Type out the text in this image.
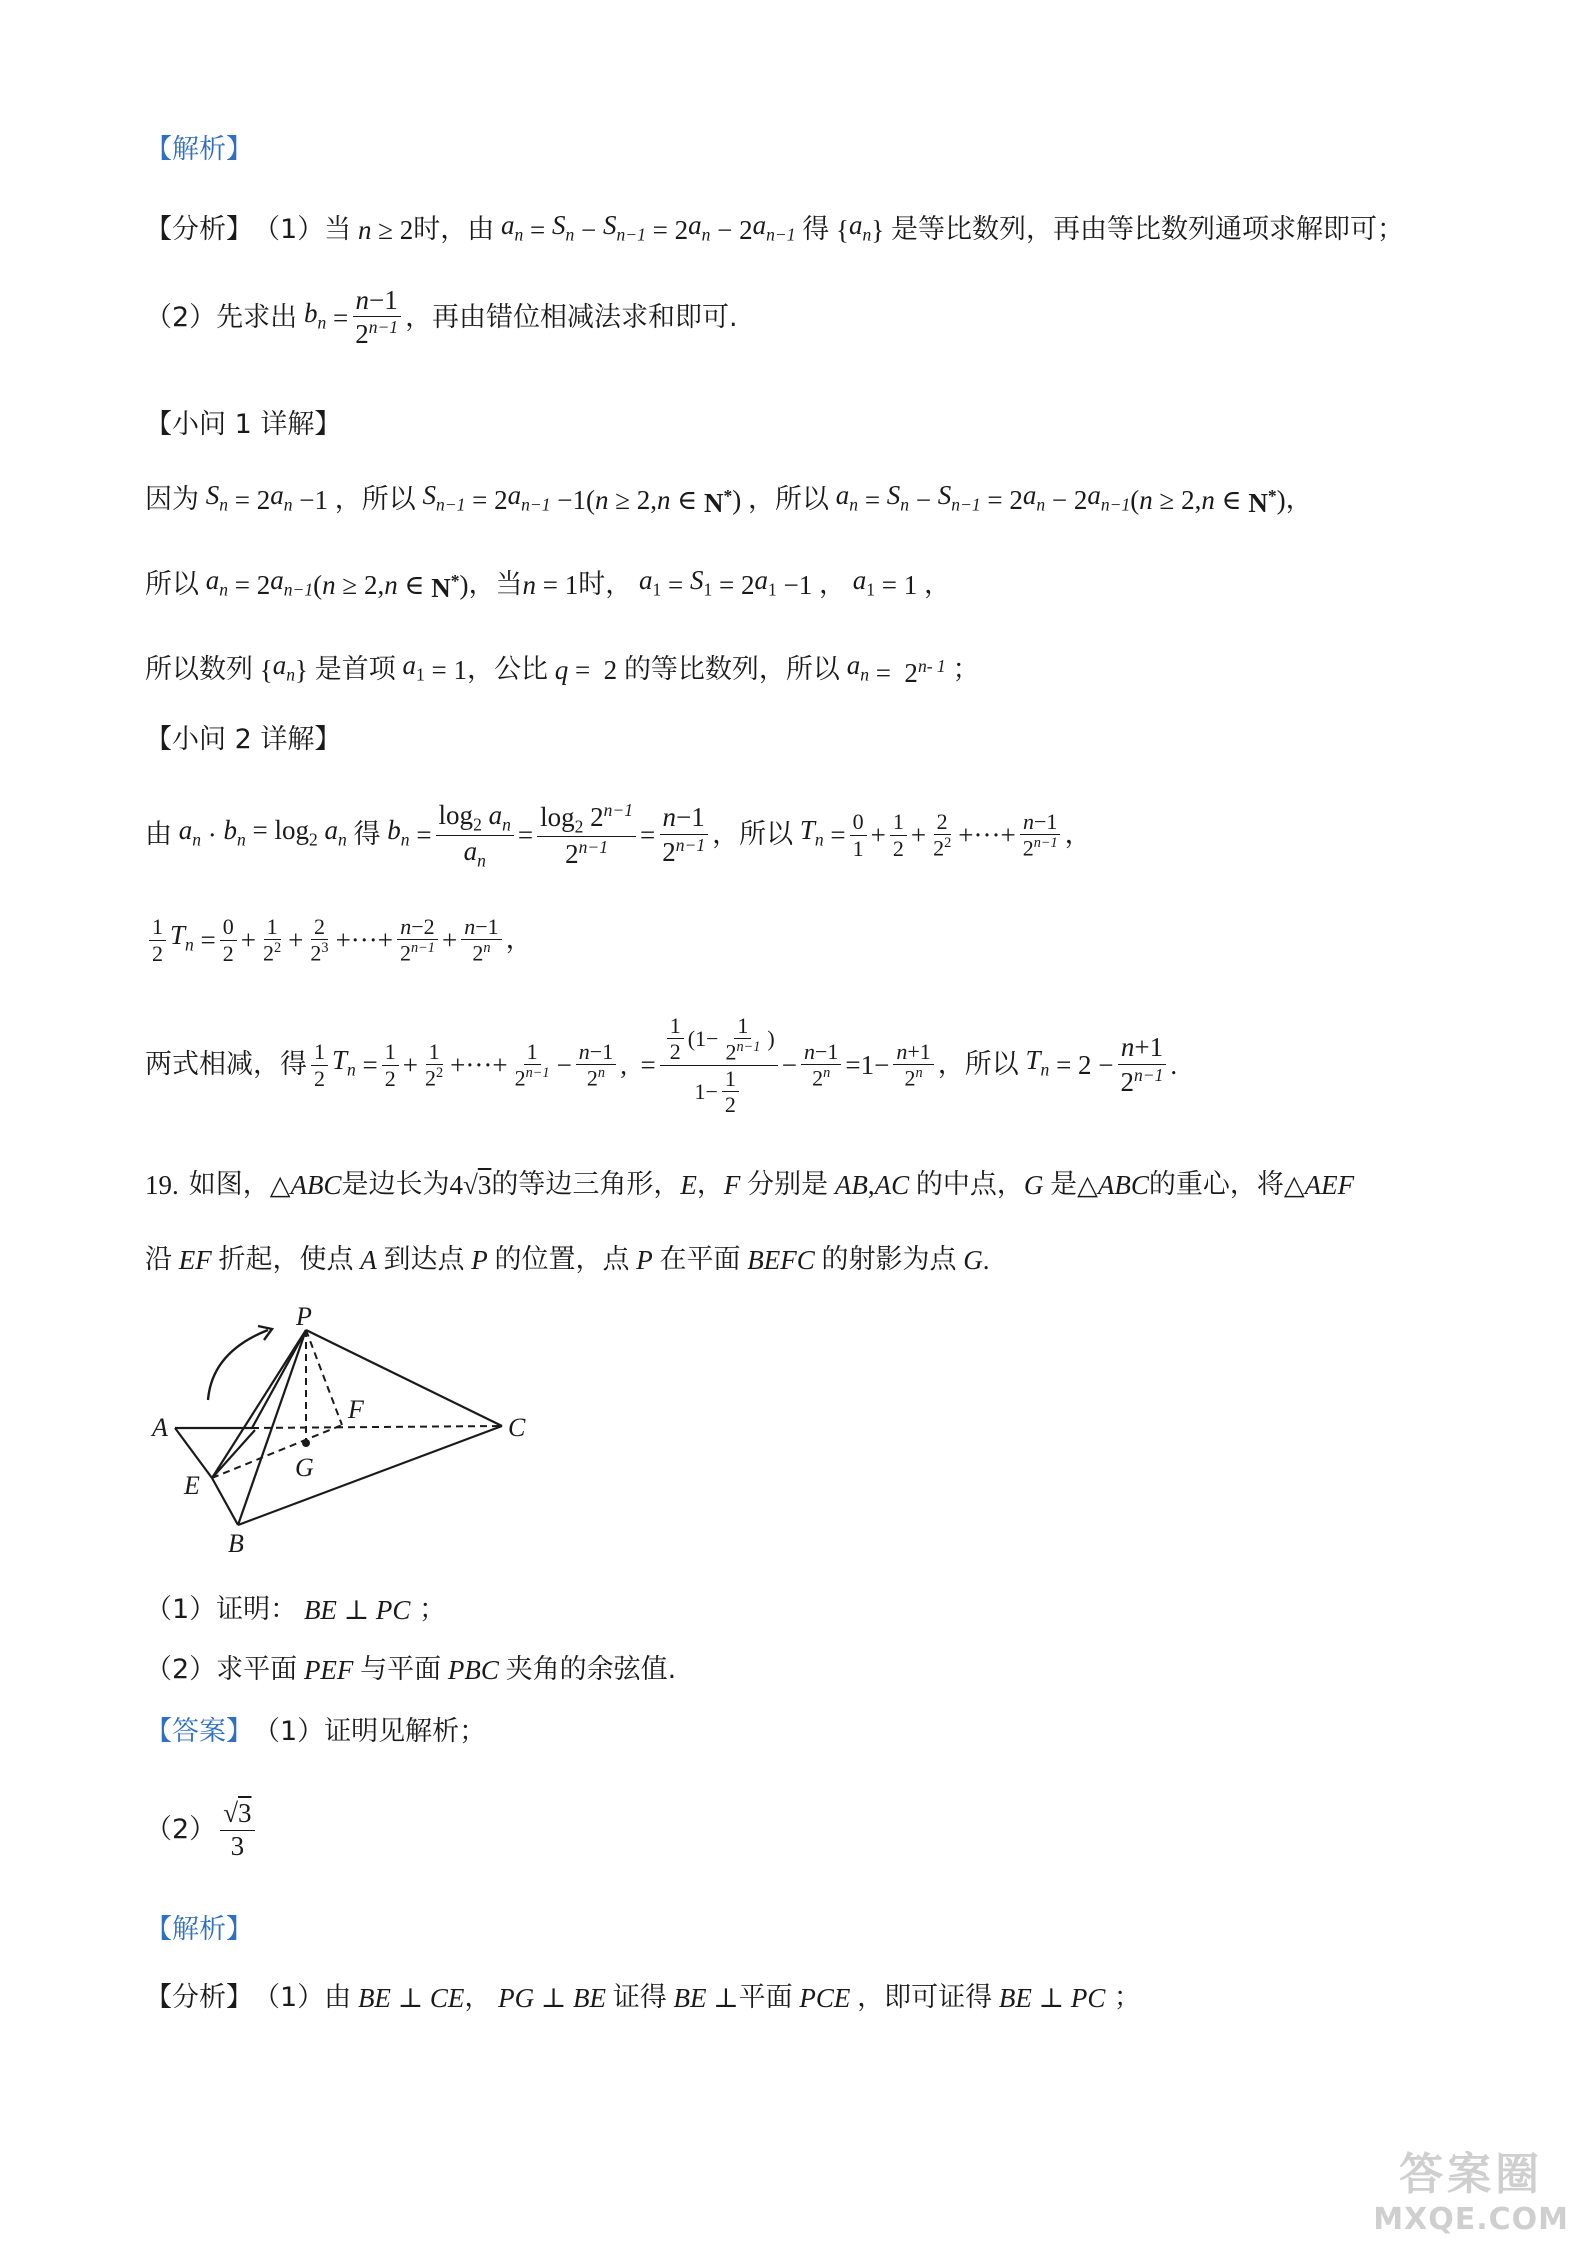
【解析】
【分析】 （1）当 n ≥ 2 时，由 $a_n = S_n - S_{n-1} = 2$ $a_n - 2$ $a_{n-1}$ 得 { $a_n$ } 是等比数列，再由等比数列通项求解即可；
（2）先求出 $b_n = \frac{n-1}{2^{n-1}}$ ，再由错位相减法求和即可.
【小问 1 详解】
因为 $S_n = 2$ $a_n -1$ ，所以 $S_{n-1} = 2$ $a_{n-1} -1$( n ≥ 2, n ∈ N* ) ，所以 $a_n = S_n - S_{n-1} = 2$ $a_n - 2$ $a_{n-1}$ ( n ≥ 2, n ∈ N* ) ，
所以 $a_n = 2$ $a_{n-1}$ ( n ≥ 2, n ∈ N* ) ，当 n = 1 时， $a_1 = S_1 = 2$ $a_1 -1$ ， $a_1 = 1$ ，
所以数列 { $a_n$ } 是首项 $a_1 = 1$ ，公比 q =  2 的等比数列，所以 $a_n = 2^{n- 1}$ ；
【小问 2 详解】
由 $a_n \cdot b_n = \log_2 a_n$ 得 $b_n = \frac{\log_2 a_n}{a_n} = \frac{\log_2 2^{n-1}}{2^{n-1}} = \frac{n-1}{2^{n-1}}$ ，所以 $T_n = \frac{0}{1} + \frac{1}{2} + \frac{2}{2^2}$ +···+ $\frac{n-1}{2^{n-1}}$ ，
$\frac{1}{2} T_n = \frac{0}{2} + \frac{1}{2^2} + \frac{2}{2^3}$ +···+ $\frac{n-2}{2^{n-1}} + \frac{n-1}{2^n}$ ，
两式相减，得 $\frac{1}{2} T_n = \frac{1}{2} + \frac{1}{2^2}$ +···+ $\frac{1}{2^{n-1}} - \frac{n-1}{2^n}$ ,  = $\frac{\frac{1}{2} (1- \frac{1}{2^{n-1}} )}{1- \frac{1}{2}} - \frac{n-1}{2^n} =1- \frac{n+1}{2^n}$ ，所以 $T_n = 2 - \frac{n+1}{2^{n-1}}$ .
19. 如图， △ ABC 是边长为 4√3 的等边三角形， E ， F 分别是 AB , AC 的中点， G 是 △ ABC 的重心，将 △ AEF
沿 EF 折起，使点 A 到达点 P 的位置，点 P 在平面 BEFC 的射影为点 G .
P
A
F
C
E
G
B
（1）证明： BE ⊥ PC ；
（2）求平面 PEF 与平面 PBC 夹角的余弦值.
【答案】 （1）证明见解析；
$(2) \frac{√3}{3}$
【解析】
【分析】 （1）由 BE ⊥ CE ， PG ⊥ BE 证得 BE ⊥ 平面 PCE ，即可证得 BE ⊥ PC ；
答案圈
MXQE.COM
